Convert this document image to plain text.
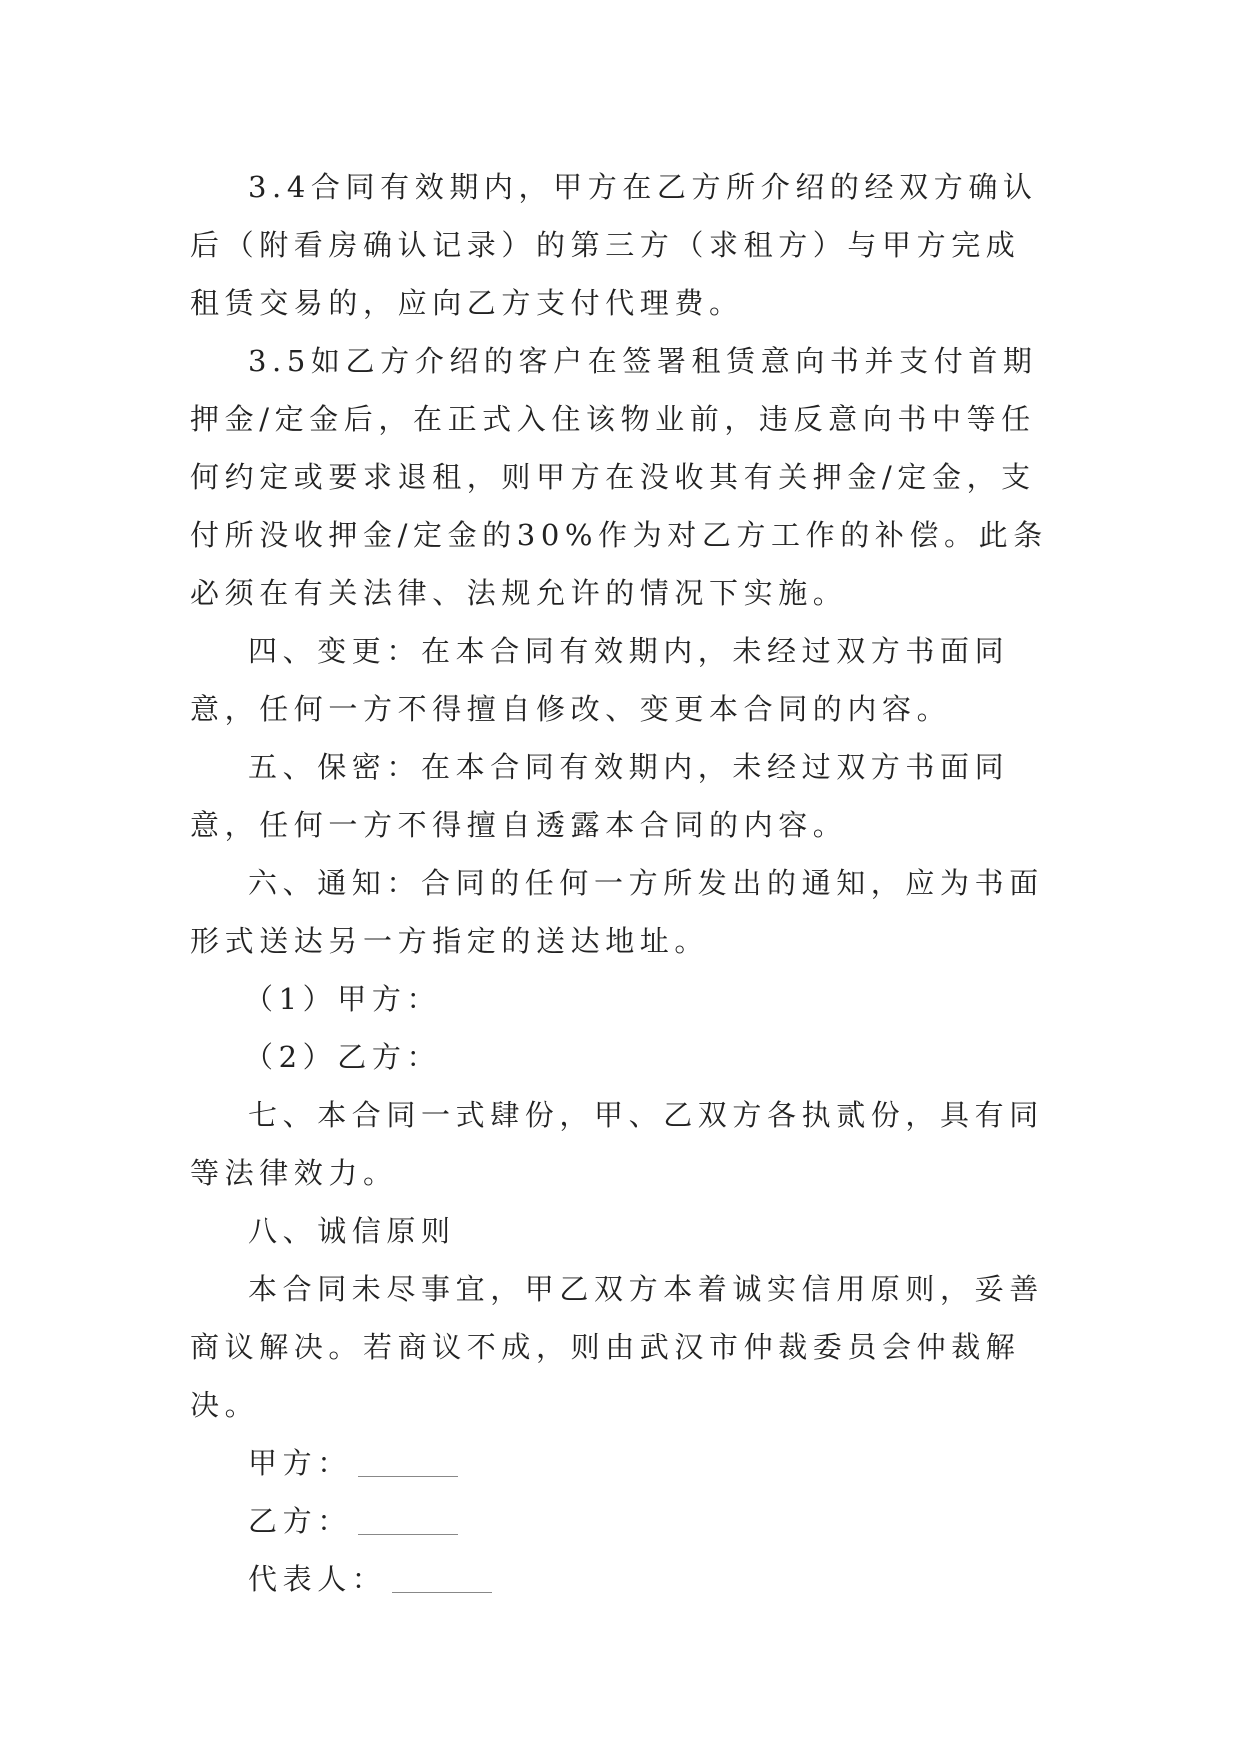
3.4合同有效期内，甲方在乙方所介绍的经双方确认后（附看房确认记录）的第三方（求租方）与甲方完成租赁交易的，应向乙方支付代理费。

3.5如乙方介绍的客户在签署租赁意向书并支付首期押金/定金后，在正式入住该物业前，违反意向书中等任何约定或要求退租，则甲方在没收其有关押金/定金，支付所没收押金/定金的30%作为对乙方工作的补偿。此条必须在有关法律、法规允许的情况下实施。

四、变更：在本合同有效期内，未经过双方书面同意，任何一方不得擅自修改、变更本合同的内容。

五、保密：在本合同有效期内，未经过双方书面同意，任何一方不得擅自透露本合同的内容。

六、通知：合同的任何一方所发出的通知，应为书面形式送达另一方指定的送达地址。

（1）甲方：

（2）乙方：

七、本合同一式肆份，甲、乙双方各执贰份，具有同等法律效力。

八、诚信原则

本合同未尽事宜，甲乙双方本着诚实信用原则，妥善商议解决。若商议不成，则由武汉市仲裁委员会仲裁解决。

甲方：

乙方：

代表人：
